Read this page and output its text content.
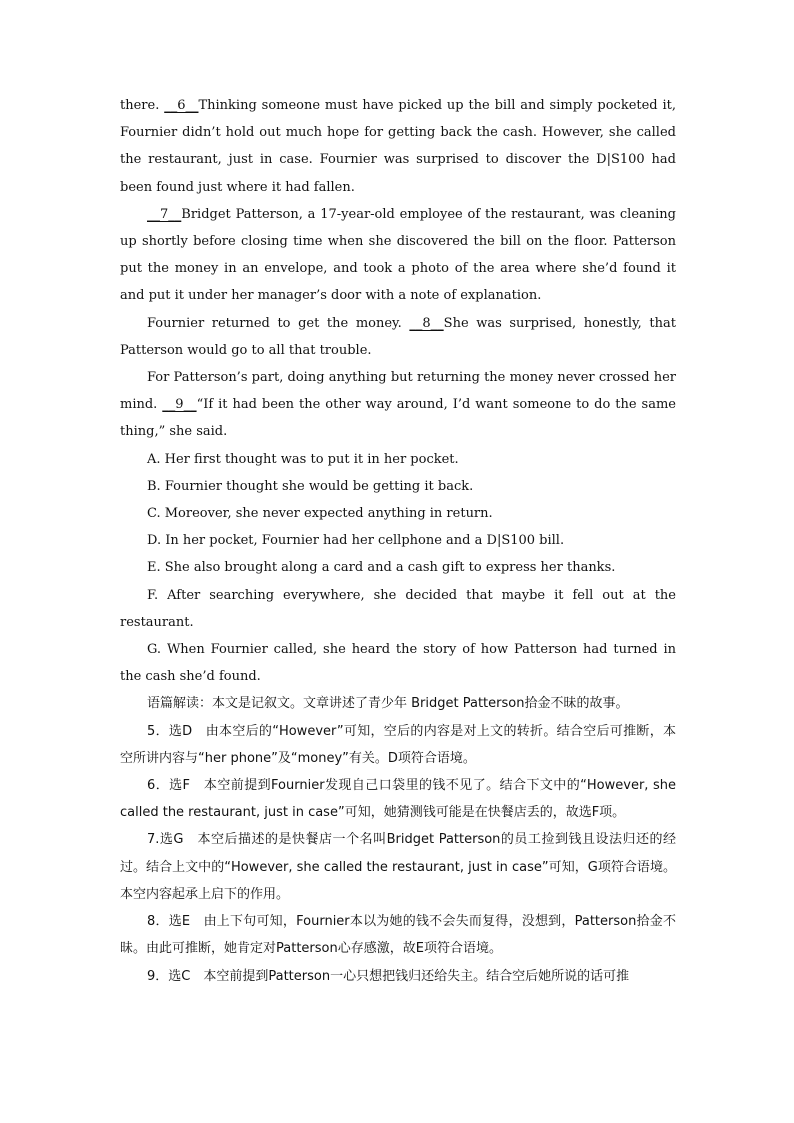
there. __6__Thinking someone must have picked up the bill and simply pocketed it, Fournier didn’t hold out much hope for getting back the cash. However, she called the restaurant, just in case. Fournier was surprised to discover the D|S100 had been found just where it had fallen.

__7__Bridget Patterson, a 17-year-old employee of the restaurant, was cleaning up shortly before closing time when she discovered the bill on the floor. Patterson put the money in an envelope, and took a photo of the area where she’d found it and put it under her manager’s door with a note of explanation.

Fournier returned to get the money. __8__She was surprised, honestly, that Patterson would go to all that trouble.

For Patterson’s part, doing anything but returning the money never crossed her mind. __9__“If it had been the other way around, I’d want someone to do the same thing,” she said.

A. Her first thought was to put it in her pocket.

B. Fournier thought she would be getting it back.

C. Moreover, she never expected anything in return.

D. In her pocket, Fournier had her cellphone and a D|S100 bill.

E. She also brought along a card and a cash gift to express her thanks.

F. After searching everywhere, she decided that maybe it fell out at the restaurant.

G. When Fournier called, she heard the story of how Patterson had turned in the cash she’d found.

语篇解读：本文是记叙文。文章讲述了青少年 Bridget Patterson拾金不昧的故事。

5．选D　由本空后的“However”可知，空后的内容是对上文的转折。结合空后可推断，本空所讲内容与“her phone”及“money”有关。D项符合语境。

6．选F　本空前提到Fournier发现自己口袋里的钱不见了。结合下文中的“However, she called the restaurant, just in case”可知，她猜测钱可能是在快餐店丢的，故选F项。

7.选G　本空后描述的是快餐店一个名叫Bridget Patterson的员工捡到钱且设法归还的经过。结合上文中的“However, she called the restaurant, just in case”可知，G项符合语境。本空内容起承上启下的作用。

8．选E　由上下句可知，Fournier本以为她的钱不会失而复得，没想到，Patterson拾金不昧。由此可推断，她肯定对Patterson心存感激，故E项符合语境。

9．选C　本空前提到Patterson一心只想把钱归还给失主。结合空后她所说的话可推
